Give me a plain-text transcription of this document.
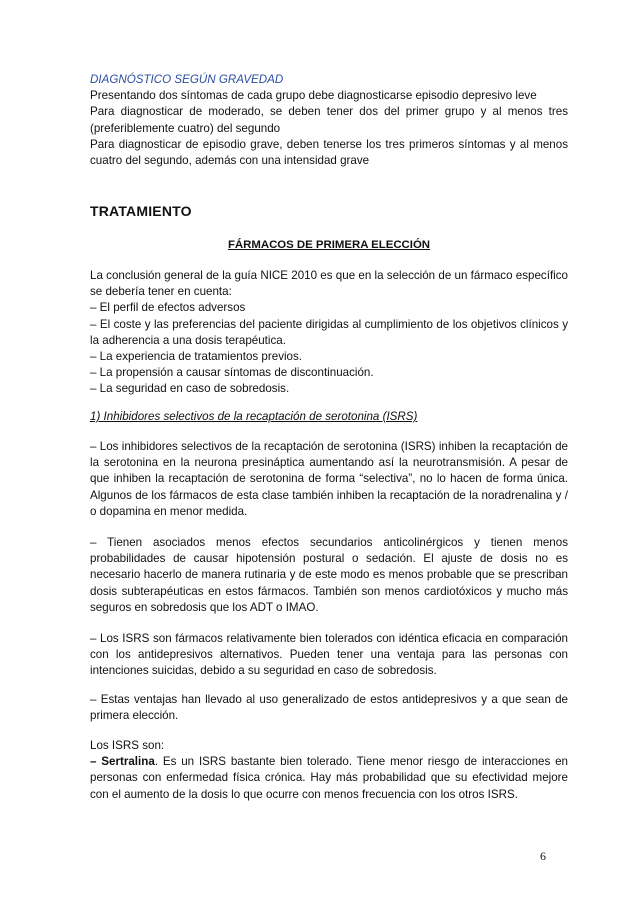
DIAGNÓSTICO SEGÚN GRAVEDAD

Presentando dos síntomas de cada grupo debe diagnosticarse episodio depresivo leve

Para diagnosticar de moderado, se deben tener dos del primer grupo y al menos tres (preferiblemente cuatro) del segundo

Para diagnosticar de episodio grave, deben tenerse los tres primeros síntomas y al menos cuatro del segundo, además con una intensidad grave

TRATAMIENTO

FÁRMACOS DE PRIMERA ELECCIÓN

La conclusión general de la guía NICE 2010 es que en la selección de un fármaco específico se debería tener en cuenta:

– El perfil de efectos adversos

– El coste y las preferencias del paciente dirigidas al cumplimiento de los objetivos clínicos y la adherencia a una dosis terapéutica.

– La experiencia de tratamientos previos.

– La propensión a causar síntomas de discontinuación.

– La seguridad en caso de sobredosis.

1) Inhibidores selectivos de la recaptación de serotonina (ISRS)

– Los inhibidores selectivos de la recaptación de serotonina (ISRS) inhiben la recaptación de la serotonina en la neurona presináptica aumentando así la neurotransmisión. A pesar de que inhiben la recaptación de serotonina de forma “selectiva”, no lo hacen de forma única. Algunos de los fármacos de esta clase también inhiben la recaptación de la noradrenalina y / o dopamina en menor medida.

– Tienen asociados menos efectos secundarios anticolinérgicos y tienen menos probabilidades de causar hipotensión postural o sedación. El ajuste de dosis no es necesario hacerlo de manera rutinaria y de este modo es menos probable que se prescriban dosis subterapéuticas en estos fármacos. También son menos cardiotóxicos y mucho más seguros en sobredosis que los ADT o IMAO.

– Los ISRS son fármacos relativamente bien tolerados con idéntica eficacia en comparación con los antidepresivos alternativos. Pueden tener una ventaja para las personas con intenciones suicidas, debido a su seguridad en caso de sobredosis.

– Estas ventajas han llevado al uso generalizado de estos antidepresivos y a que sean de primera elección.

Los ISRS son:

– Sertralina. Es un ISRS bastante bien tolerado. Tiene menor riesgo de interacciones en personas con enfermedad física crónica. Hay más probabilidad que su efectividad mejore con el aumento de la dosis lo que ocurre con menos frecuencia con los otros ISRS.

6
